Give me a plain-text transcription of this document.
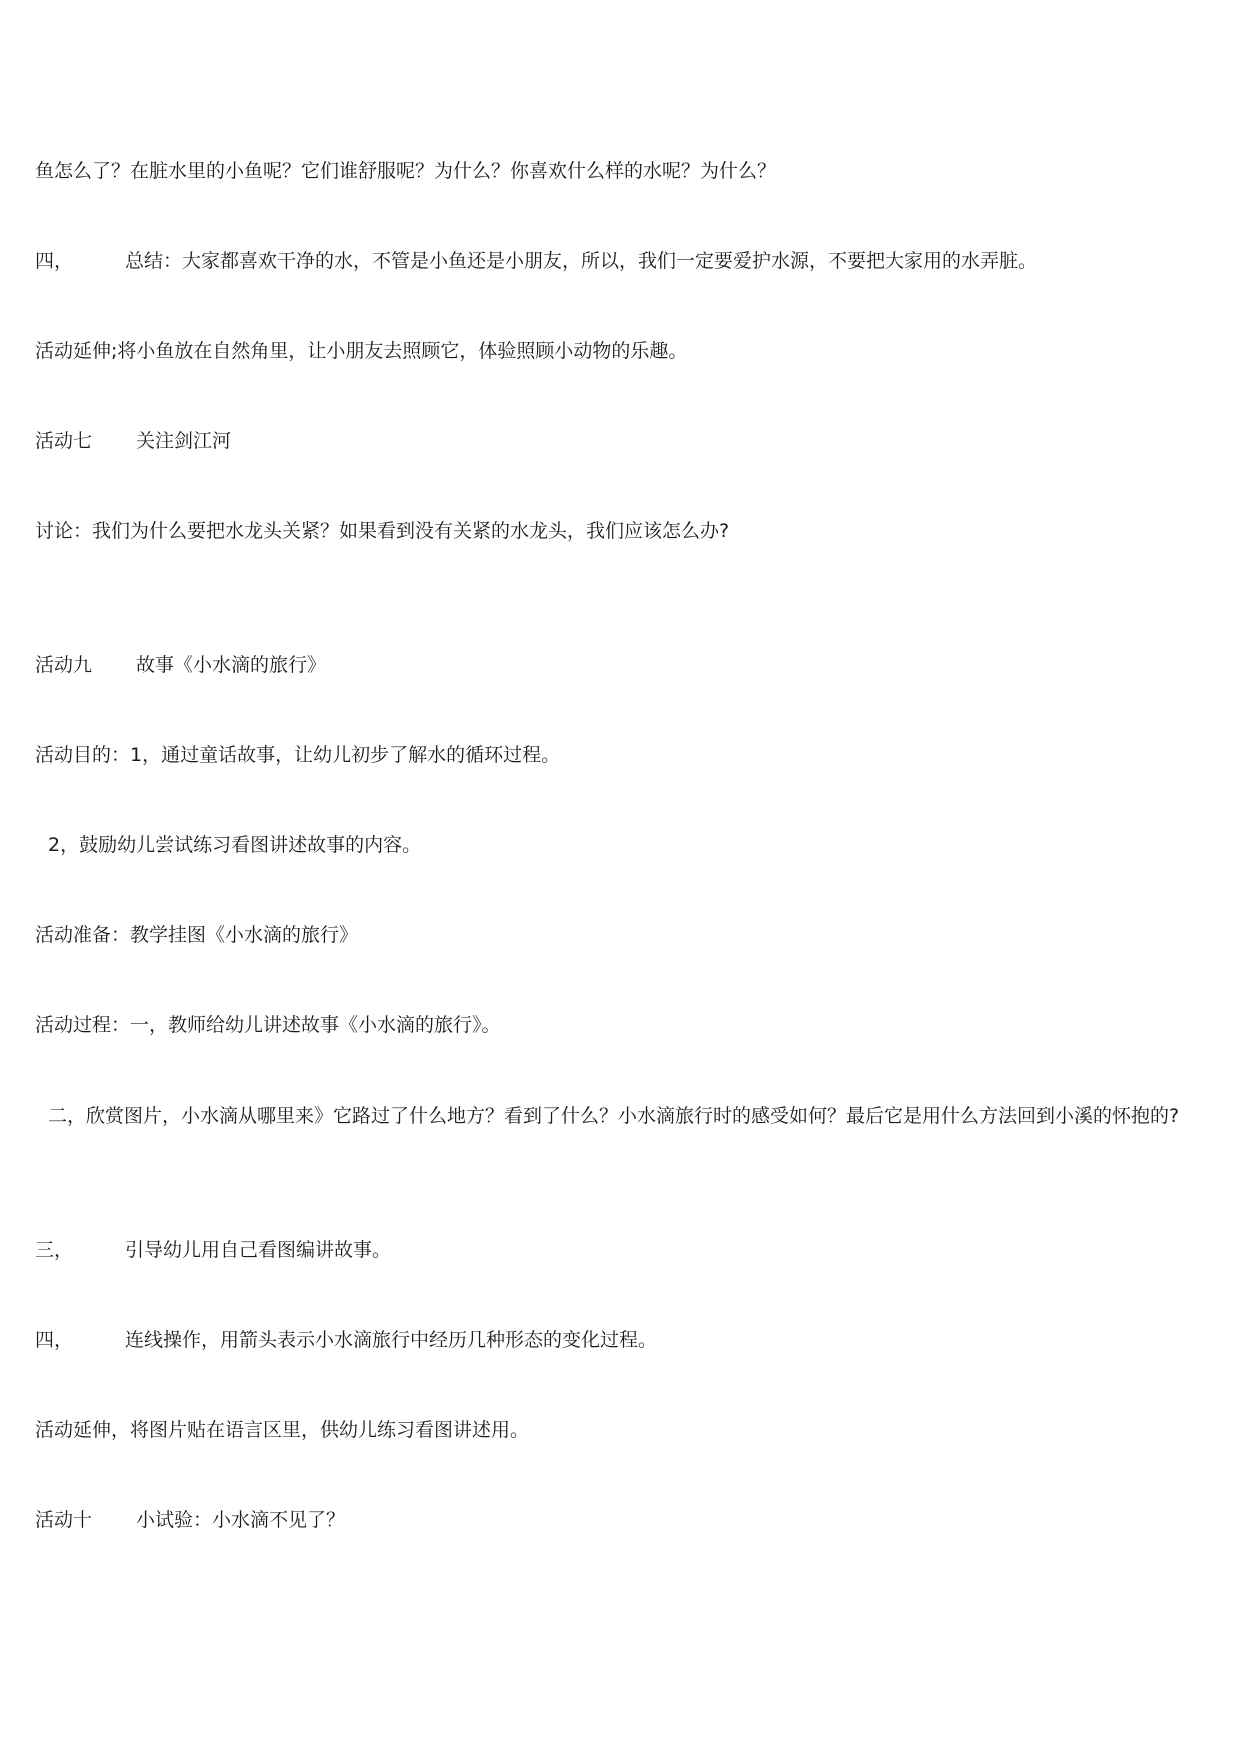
鱼怎么了？在脏水里的小鱼呢？它们谁舒服呢？为什么？你喜欢什么样的水呢？为什么？
四，	总结：大家都喜欢干净的水，不管是小鱼还是小朋友，所以，我们一定要爱护水源，不要把大家用的水弄脏。
活动延伸;将小鱼放在自然角里，让小朋友去照顾它，体验照顾小动物的乐趣。
活动七 关注剑江河
讨论：我们为什么要把水龙头关紧？如果看到没有关紧的水龙头，我们应该怎么办?
活动九 故事《小水滴的旅行》
活动目的：1，通过童话故事，让幼儿初步了解水的循环过程。
2，鼓励幼儿尝试练习看图讲述故事的内容。
活动准备：教学挂图《小水滴的旅行》
活动过程：一，教师给幼儿讲述故事《小水滴的旅行》。
二，欣赏图片，小水滴从哪里来》它路过了什么地方？看到了什么？小水滴旅行时的感受如何？最后它是用什么方法回到小溪的怀抱的?
三，	引导幼儿用自己看图编讲故事。
四，	连线操作，用箭头表示小水滴旅行中经历几种形态的变化过程。
活动延伸，将图片贴在语言区里，供幼儿练习看图讲述用。
活动十 小试验：小水滴不见了？
